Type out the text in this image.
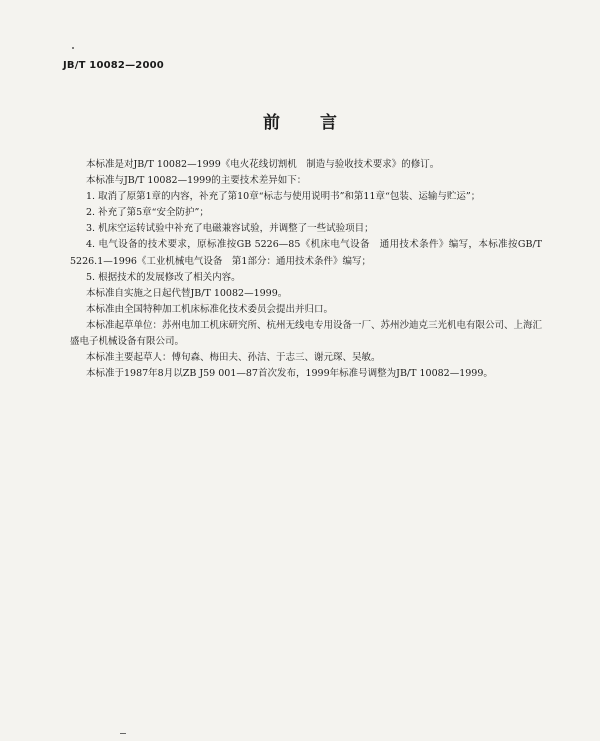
JB/T 10082—2000
前言

本标准是对JB/T 10082—1999《电火花线切割机　制造与验收技术要求》的修订。

本标准与JB/T 10082—1999的主要技术差异如下：

1. 取消了原第1章的内容，补充了第10章“标志与使用说明书”和第11章“包装、运输与贮运”；

2. 补充了第5章“安全防护”；

3. 机床空运转试验中补充了电磁兼容试验，并调整了一些试验项目；

4. 电气设备的技术要求，原标准按GB 5226—85《机床电气设备　通用技术条件》编写，本标准按GB/T 5226.1—1996《工业机械电气设备　第1部分：通用技术条件》编写；

5. 根据技术的发展修改了相关内容。

本标准自实施之日起代替JB/T 10082—1999。

本标准由全国特种加工机床标准化技术委员会提出并归口。

本标准起草单位：苏州电加工机床研究所、杭州无线电专用设备一厂、苏州沙迪克三光机电有限公司、上海汇盛电子机械设备有限公司。

本标准主要起草人：傅旬森、梅田夫、孙洁、于志三、谢元琛、吴敏。

本标准于1987年8月以ZB J59 001—87首次发布，1999年标准号调整为JB/T 10082—1999。
